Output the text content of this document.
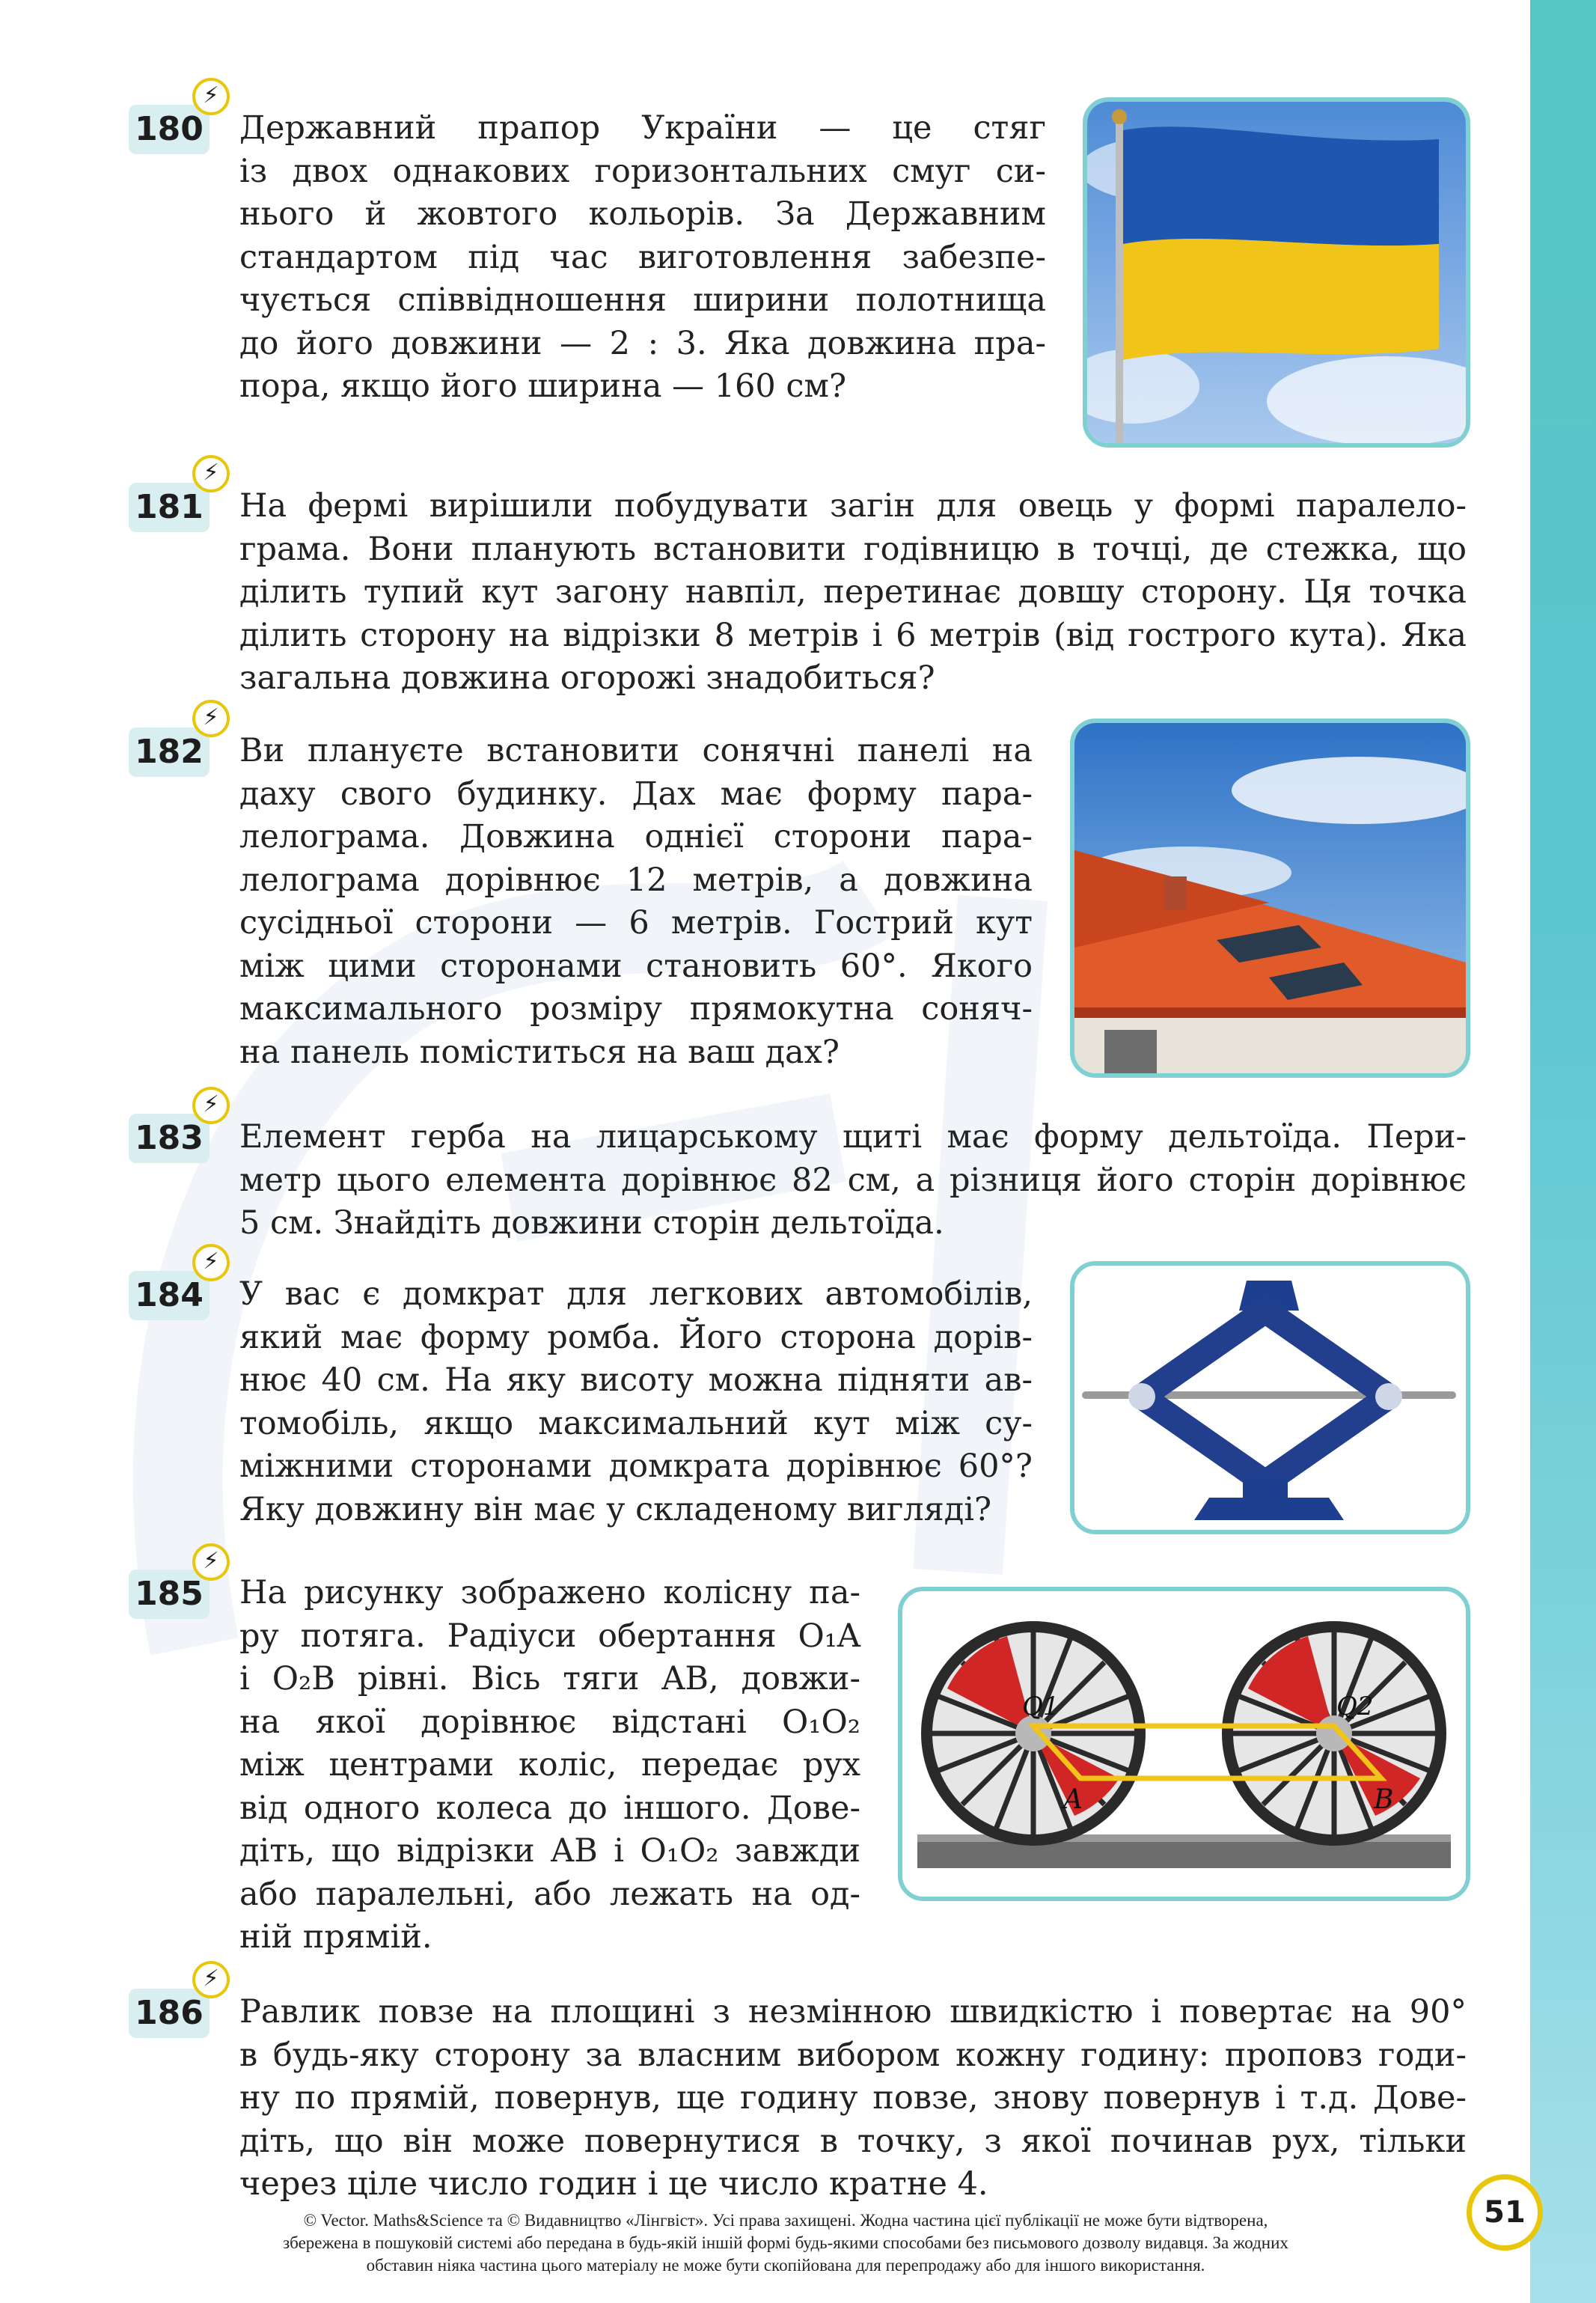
180
⚡
Державний прапор України — це стяг
із двох однакових горизонтальних смуг си-
нього й жовтого кольорів. За Державним
стандартом під час виготовлення забезпе-
чується співвідношення ширини полотнища
до його довжини — 2 : 3. Яка довжина пра-
пора, якщо його ширина — 160 см?
181
⚡
На фермі вирішили побудувати загін для овець у формі паралело-
грама. Вони планують встановити годівницю в точці, де стежка, що
ділить тупий кут загону навпіл, перетинає довшу сторону. Ця точка
ділить сторону на відрізки 8 метрів і 6 метрів (від гострого кута). Яка
загальна довжина огорожі знадобиться?
182
⚡
Ви плануєте встановити сонячні панелі на
даху свого будинку. Дах має форму пара-
лелограма. Довжина однієї сторони пара-
лелограма дорівнює 12 метрів, а довжина
сусідньої сторони — 6 метрів. Гострий кут
між цими сторонами становить 60°. Якого
максимального розміру прямокутна соняч-
на панель поміститься на ваш дах?
183
⚡
Елемент герба на лицарському щиті має форму дельтоїда. Пери-
метр цього елемента дорівнює 82 см, а різниця його сторін дорівнює
5 см. Знайдіть довжини сторін дельтоїда.
184
⚡
У вас є домкрат для легкових автомобілів,
який має форму ромба. Його сторона дорів-
нює 40 см. На яку висоту можна підняти ав-
томобіль, якщо максимальний кут між су-
міжними сторонами домкрата дорівнює 60°?
Яку довжину він має у складеному вигляді?
185
⚡
На рисунку зображено колісну па-
ру потяга. Радіуси обертання O₁A
і O₂B рівні. Вісь тяги AB, довжи-
на якої дорівнює відстані O₁O₂
між центрами коліс, передає рух
від одного колеса до іншого. Дове-
діть, що відрізки AB і O₁O₂ завжди
або паралельні, або лежать на од-
ній прямій.
Q1	Q2
A	B
186
⚡
Равлик повзе на площині з незмінною швидкістю і повертає на 90°
в будь-яку сторону за власним вибором кожну годину: проповз годи-
ну по прямій, повернув, ще годину повзе, знову повернув і т.д. Дове-
діть, що він може повернутися в точку, з якої починав рух, тільки
через ціле число годин і це число кратне 4.
© Vector. Maths&Science та © Видавництво «Лінгвіст». Усі права захищені. Жодна частина цієї публікації не може бути відтворена,
збережена в пошуковій системі або передана в будь-якій іншій формі будь-якими способами без письмового дозволу видавця. За жодних
обставин ніяка частина цього матеріалу не може бути скопійована для перепродажу або для іншого використання.
51
